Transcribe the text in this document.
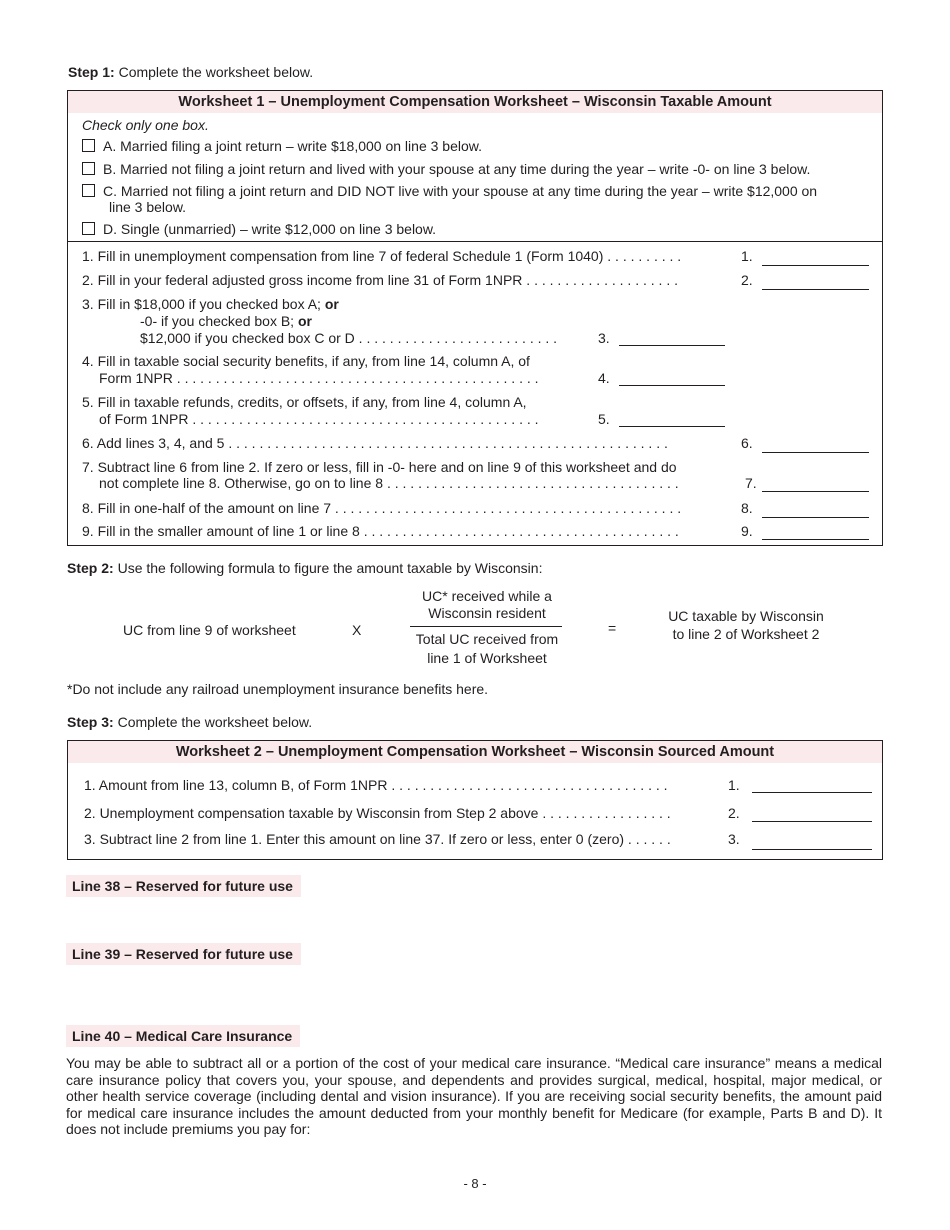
Step 1: Complete the worksheet below.
Worksheet 1 – Unemployment Compensation Worksheet – Wisconsin Taxable Amount
Check only one box.
A. Married filing a joint return – write $18,000 on line 3 below.
B. Married not filing a joint return and lived with your spouse at any time during the year – write -0- on line 3 below.
C. Married not filing a joint return and DID NOT live with your spouse at any time during the year – write $12,000 on
line 3 below.
D. Single (unmarried) – write $12,000 on line 3 below.
1. Fill in unemployment compensation from line 7 of federal Schedule 1 (Form 1040) . . . . . . . . . .	1.
2. Fill in your federal adjusted gross income from line 31 of Form 1NPR . . . . . . . . . . . . . . . . . . . .	2.
3. Fill in $18,000 if you checked box A; or
-0- if you checked box B; or
$12,000 if you checked box C or D . . . . . . . . . . . . . . . . . . . . . . . . . .	3.
4. Fill in taxable social security benefits, if any, from line 14, column A, of
Form 1NPR . . . . . . . . . . . . . . . . . . . . . . . . . . . . . . . . . . . . . . . . . . . . . . .	4.
5. Fill in taxable refunds, credits, or offsets, if any, from line 4, column A,
of Form 1NPR . . . . . . . . . . . . . . . . . . . . . . . . . . . . . . . . . . . . . . . . . . . . .	5.
6. Add lines 3, 4, and 5 . . . . . . . . . . . . . . . . . . . . . . . . . . . . . . . . . . . . . . . . . . . . . . . . . . . . . . . . .	6.
7. Subtract line 6 from line 2. If zero or less, fill in -0- here and on line 9 of this worksheet and do
not complete line 8. Otherwise, go on to line 8 . . . . . . . . . . . . . . . . . . . . . . . . . . . . . . . . . . . . . .	7.
8. Fill in one-half of the amount on line 7 . . . . . . . . . . . . . . . . . . . . . . . . . . . . . . . . . . . . . . . . . . . . .	8.
9. Fill in the smaller amount of line 1 or line 8 . . . . . . . . . . . . . . . . . . . . . . . . . . . . . . . . . . . . . . . . .	9.
Step 2: Use the following formula to figure the amount taxable by Wisconsin:
UC from line 9 of worksheet	X
UC* received while a
Wisconsin resident
Total UC received from
line 1 of Worksheet
=
UC taxable by Wisconsin
to line 2 of Worksheet 2
*Do not include any railroad unemployment insurance benefits here.
Step 3: Complete the worksheet below.
Worksheet 2 – Unemployment Compensation Worksheet – Wisconsin Sourced Amount
1. Amount from line 13, column B, of Form 1NPR . . . . . . . . . . . . . . . . . . . . . . . . . . . . . . . . . . . .	1.
2. Unemployment compensation taxable by Wisconsin from Step 2 above . . . . . . . . . . . . . . . . .	2.
3. Subtract line 2 from line 1. Enter this amount on line 37. If zero or less, enter 0 (zero) . . . . . .	3.
Line 38 – Reserved for future use
Line 39 – Reserved for future use
Line 40 – Medical Care Insurance
You may be able to subtract all or a portion of the cost of your medical care insurance. “Medical care insurance” means a medical care insurance policy that covers you, your spouse, and dependents and provides surgical, medical, hospital, major medical, or other health service coverage (including dental and vision insurance). If you are receiving social security benefits, the amount paid for medical care insurance includes the amount deducted from your monthly benefit for Medicare (for example, Parts B and D). It does not include premiums you pay for:
- 8 -
